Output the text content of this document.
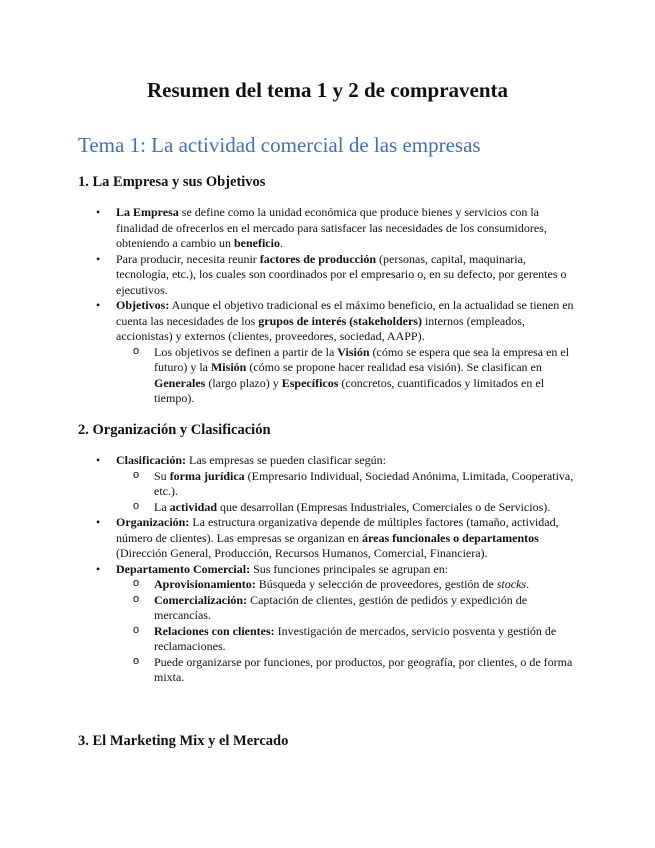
Resumen del tema 1 y 2 de compraventa
Tema 1: La actividad comercial de las empresas
1. La Empresa y sus Objetivos
• La Empresa se define como la unidad económica que produce bienes y servicios con la finalidad de ofrecerlos en el mercado para satisfacer las necesidades de los consumidores, obteniendo a cambio un beneficio.
• Para producir, necesita reunir factores de producción (personas, capital, maquinaria, tecnología, etc.), los cuales son coordinados por el empresario o, en su defecto, por gerentes o ejecutivos.
• Objetivos: Aunque el objetivo tradicional es el máximo beneficio, en la actualidad se tienen en cuenta las necesidades de los grupos de interés (stakeholders) internos (empleados, accionistas) y externos (clientes, proveedores, sociedad, AAPP).
o Los objetivos se definen a partir de la Visión (cómo se espera que sea la empresa en el futuro) y la Misión (cómo se propone hacer realidad esa visión). Se clasifican en Generales (largo plazo) y Específicos (concretos, cuantificados y limitados en el tiempo).
2. Organización y Clasificación
• Clasificación: Las empresas se pueden clasificar según:
o Su forma jurídica (Empresario Individual, Sociedad Anónima, Limitada, Cooperativa, etc.).
o La actividad que desarrollan (Empresas Industriales, Comerciales o de Servicios).
• Organización: La estructura organizativa depende de múltiples factores (tamaño, actividad, número de clientes). Las empresas se organizan en áreas funcionales o departamentos (Dirección General, Producción, Recursos Humanos, Comercial, Financiera).
• Departamento Comercial: Sus funciones principales se agrupan en:
o Aprovisionamiento: Búsqueda y selección de proveedores, gestión de stocks.
o Comercialización: Captación de clientes, gestión de pedidos y expedición de mercancías.
o Relaciones con clientes: Investigación de mercados, servicio posventa y gestión de reclamaciones.
o Puede organizarse por funciones, por productos, por geografía, por clientes, o de forma mixta.
3. El Marketing Mix y el Mercado
